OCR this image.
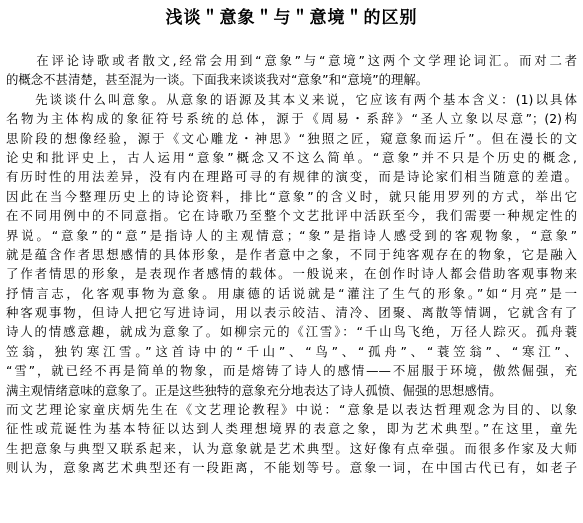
浅谈＂意象＂与＂意境＂的区别
　　在评论诗歌或者散文,经常会用到“意象”与“意境”这两个文学理论词汇。而对二者
的概念不甚清楚，甚至混为一谈。下面我来谈谈我对“意象”和“意境”的理解。
　　先谈谈什么叫意象。从意象的语源及其本义来说，它应该有两个基本含义：(1)以具体
名物为主体构成的象征符号系统的总体，源于《周易・系辞》“圣人立象以尽意”；(2)构
思阶段的想像经验，源于《文心雕龙・神思》“独照之匠，窥意象而运斤”。但在漫长的文
论史和批评史上，古人运用“意象”概念又不这么简单。“意象”并不只是个历史的概念,
有历时性的用法差异，没有内在理路可寻的有规律的演变，而是诗论家们相当随意的差遣。
因此在当今整理历史上的诗论资料，排比“意象”的含义时，就只能用罗列的方式，举出它
在不同用例中的不同意指。它在诗歌乃至整个文艺批评中活跃至今，我们需要一种规定性的
界说。“意象”的“意”是指诗人的主观情意；“象”是指诗人感受到的客观物象，“意象”
就是蕴含作者思想感情的具体形象，是作者意中之象，不同于纯客观存在的物象，它是融入
了作者情思的形象，是表现作者感情的载体。一般说来，在创作时诗人都会借助客观事物来
抒情言志，化客观事物为意象。用康德的话说就是“灌注了生气的形象。”如“月亮”是一
种客观事物，但诗人把它写进诗词，用以表示皎洁、清冷、团聚、离散等情调，它就含有了
诗人的情感意趣，就成为意象了。如柳宗元的《江雪》：“千山鸟飞绝，万径人踪灭。孤舟蓑
笠翁，独钓寒江雪。”这首诗中的“千山”、“鸟”、“孤舟”、“蓑笠翁”、“寒江”、
“雪”，就已经不再是简单的物象，而是熔铸了诗人的感情——不屈服于环境，傲然倔强，充
满主观情绪意味的意象了。正是这些独特的意象充分地表达了诗人孤愤、倔强的思想感情。
而文艺理论家童庆炳先生在《文艺理论教程》中说：“意象是以表达哲理观念为目的、以象
征性或荒诞性为基本特征以达到人类理想境界的表意之象，即为艺术典型。”在这里，童先
生把意象与典型又联系起来，认为意象就是艺术典型。这好像有点牵强。而很多作家及大师
则认为，意象离艺术典型还有一段距离，不能划等号。意象一词，在中国古代已有，如老子
